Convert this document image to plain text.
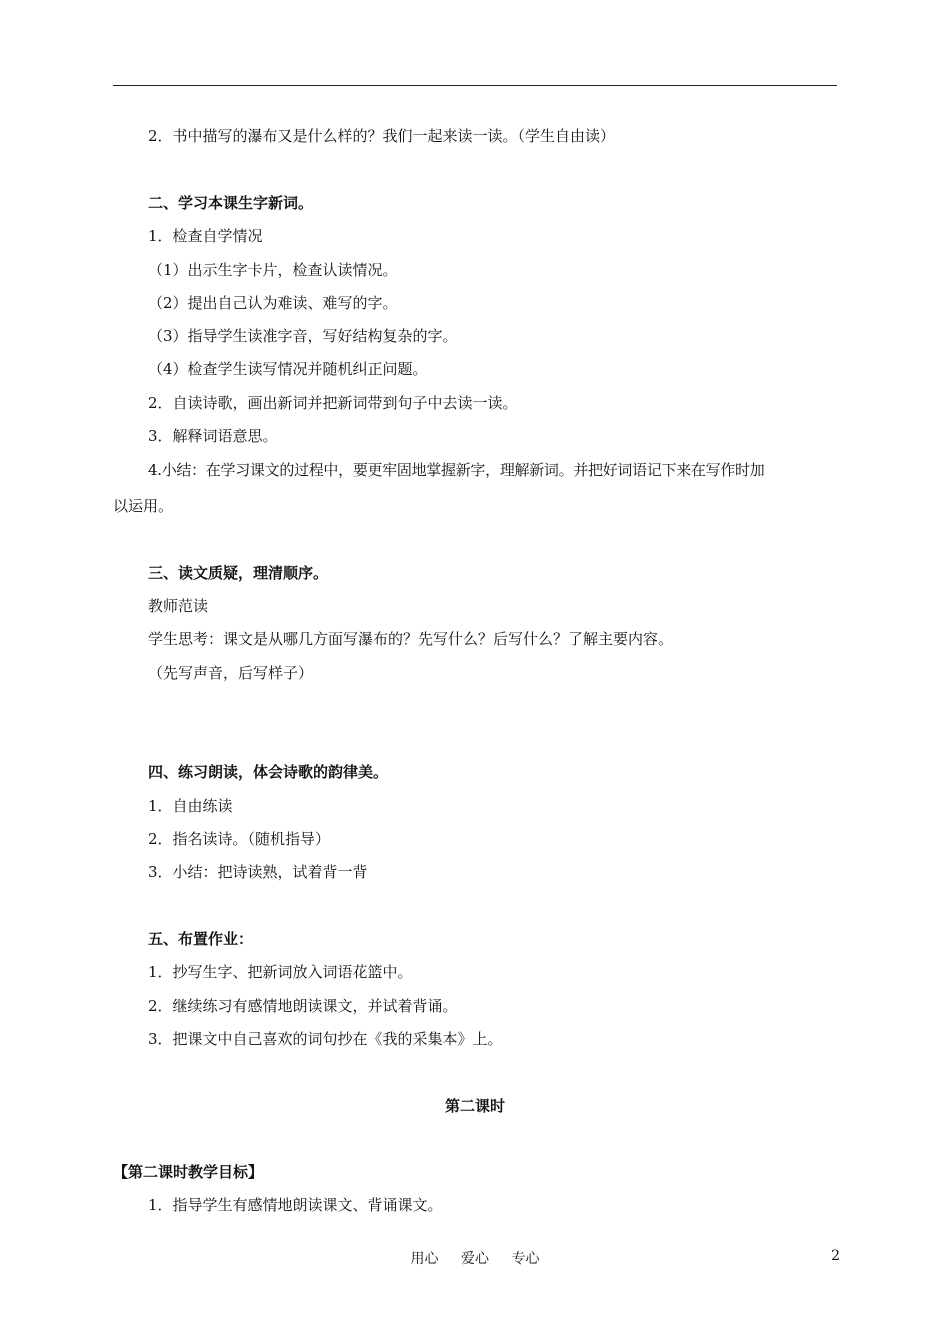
2．书中描写的瀑布又是什么样的？我们一起来读一读。（学生自由读）
二、学习本课生字新词。
1．检查自学情况
（1）出示生字卡片，检查认读情况。
（2）提出自己认为难读、难写的字。
（3）指导学生读准字音，写好结构复杂的字。
（4）检查学生读写情况并随机纠正问题。
2．自读诗歌，画出新词并把新词带到句子中去读一读。
3．解释词语意思。
4.小结：在学习课文的过程中，要更牢固地掌握新字，理解新词。并把好词语记下来在写作时加
以运用。
三、读文质疑，理清顺序。
教师范读
学生思考：课文是从哪几方面写瀑布的？先写什么？后写什么？了解主要内容。
（先写声音，后写样子）
四、练习朗读，体会诗歌的韵律美。
1．自由练读
2．指名读诗。（随机指导）
3．小结：把诗读熟，试着背一背
五、布置作业：
1．抄写生字、把新词放入词语花篮中。
2．继续练习有感情地朗读课文，并试着背诵。
3．把课文中自己喜欢的词句抄在《我的采集本》上。
第二课时
【第二课时教学目标】
1．指导学生有感情地朗读课文、背诵课文。
用心 爱心 专心	2
